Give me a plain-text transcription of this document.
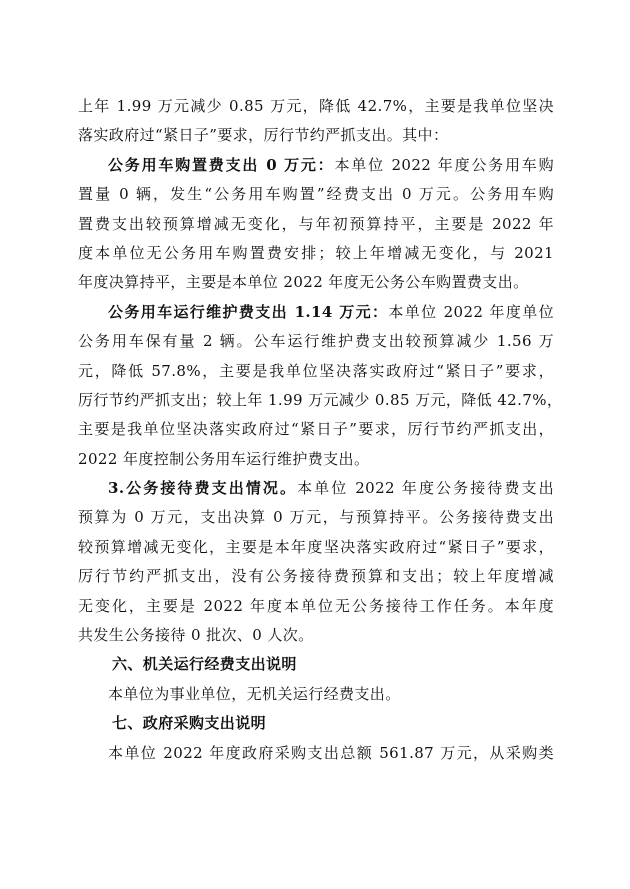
上年 1.99 万元减少 0.85 万元，降低 42.7%，主要是我单位坚决
落实政府过“紧日子”要求，厉行节约严抓支出。其中：
公务用车购置费支出 0 万元：本单位 2022 年度公务用车购
置量 0 辆，发生“公务用车购置”经费支出 0 万元。公务用车购
置费支出较预算增减无变化，与年初预算持平，主要是 2022 年
度本单位无公务用车购置费安排；较上年增减无变化，与 2021
年度决算持平，主要是本单位 2022 年度无公务公车购置费支出。
公务用车运行维护费支出 1.14 万元：本单位 2022 年度单位
公务用车保有量 2 辆。公车运行维护费支出较预算减少 1.56 万
元，降低 57.8%，主要是我单位坚决落实政府过“紧日子”要求，
厉行节约严抓支出；较上年 1.99 万元减少 0.85 万元，降低 42.7%，
主要是我单位坚决落实政府过“紧日子”要求，厉行节约严抓支出，
2022 年度控制公务用车运行维护费支出。
3.公务接待费支出情况。本单位 2022 年度公务接待费支出
预算为 0 万元，支出决算 0 万元，与预算持平。公务接待费支出
较预算增减无变化，主要是本年度坚决落实政府过“紧日子”要求，
厉行节约严抓支出，没有公务接待费预算和支出；较上年度增减
无变化，主要是 2022 年度本单位无公务接待工作任务。本年度
共发生公务接待 0 批次、0 人次。
六、机关运行经费支出说明
本单位为事业单位，无机关运行经费支出。
七、政府采购支出说明
本单位 2022 年度政府采购支出总额 561.87 万元，从采购类
